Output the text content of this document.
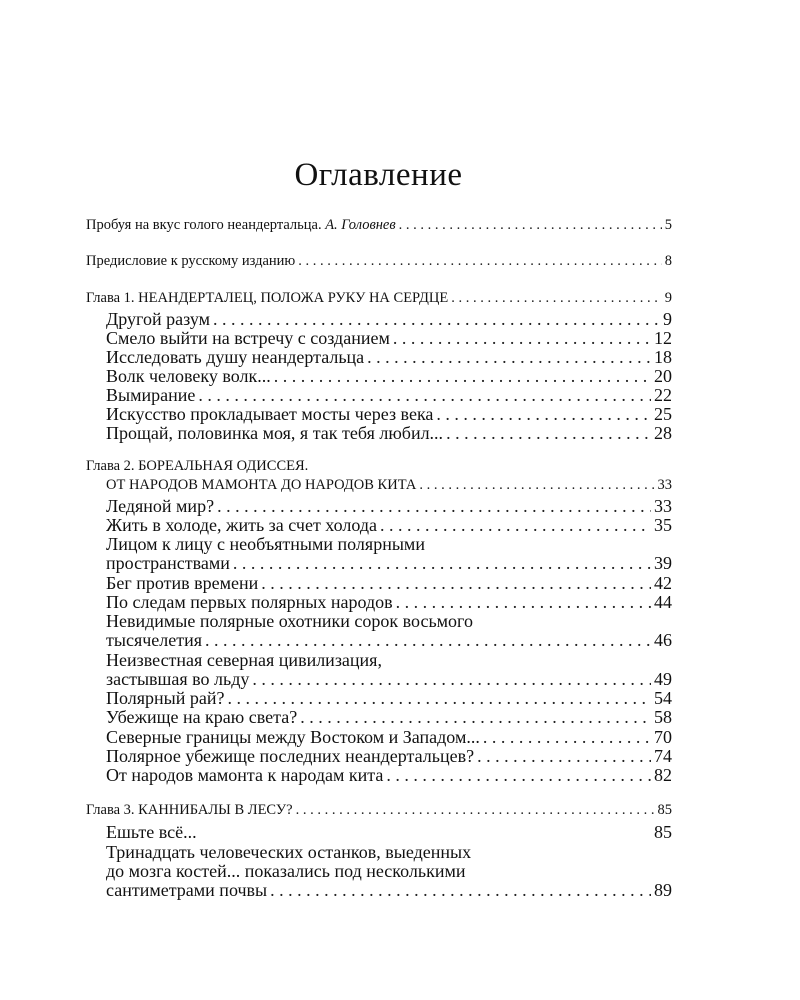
Оглавление
Пробуя на вкус голого неандертальца. А. Головнев . . .	5
Предисловие к русскому изданию . . .	8
Глава 1. НЕАНДЕРТАЛЕЦ, ПОЛОЖА РУКУ НА СЕРДЦЕ . . .	9
Другой разум . . .	9
Смело выйти на встречу с созданием . . .	12
Исследовать душу неандертальца . . .	18
Волк человеку волк... . . .	20
Вымирание . . .	22
Искусство прокладывает мосты через века . . .	25
Прощай, половинка моя, я так тебя любил... . . .	28
Глава 2. БОРЕАЛЬНАЯ ОДИССЕЯ.
ОТ НАРОДОВ МАМОНТА ДО НАРОДОВ КИТА . . .	33
Ледяной мир? . . .	33
Жить в холоде, жить за счет холода . . .	35
Лицом к лицу с необъятными полярными
пространствами . . .	39
Бег против времени . . .	42
По следам первых полярных народов . . .	44
Невидимые полярные охотники сорок восьмого
тысячелетия . . .	46
Неизвестная северная цивилизация,
застывшая во льду . . .	49
Полярный рай? . . .	54
Убежище на краю света? . . .	58
Северные границы между Востоком и Западом... . . .	70
Полярное убежище последних неандертальцев? . . .	74
От народов мамонта к народам кита . . .	82
Глава 3. КАННИБАЛЫ В ЛЕСУ? . . .	85
Ешьте всё...	85
Тринадцать человеческих останков, выеденных
до мозга костей... показались под несколькими
сантиметрами почвы . . .	89
